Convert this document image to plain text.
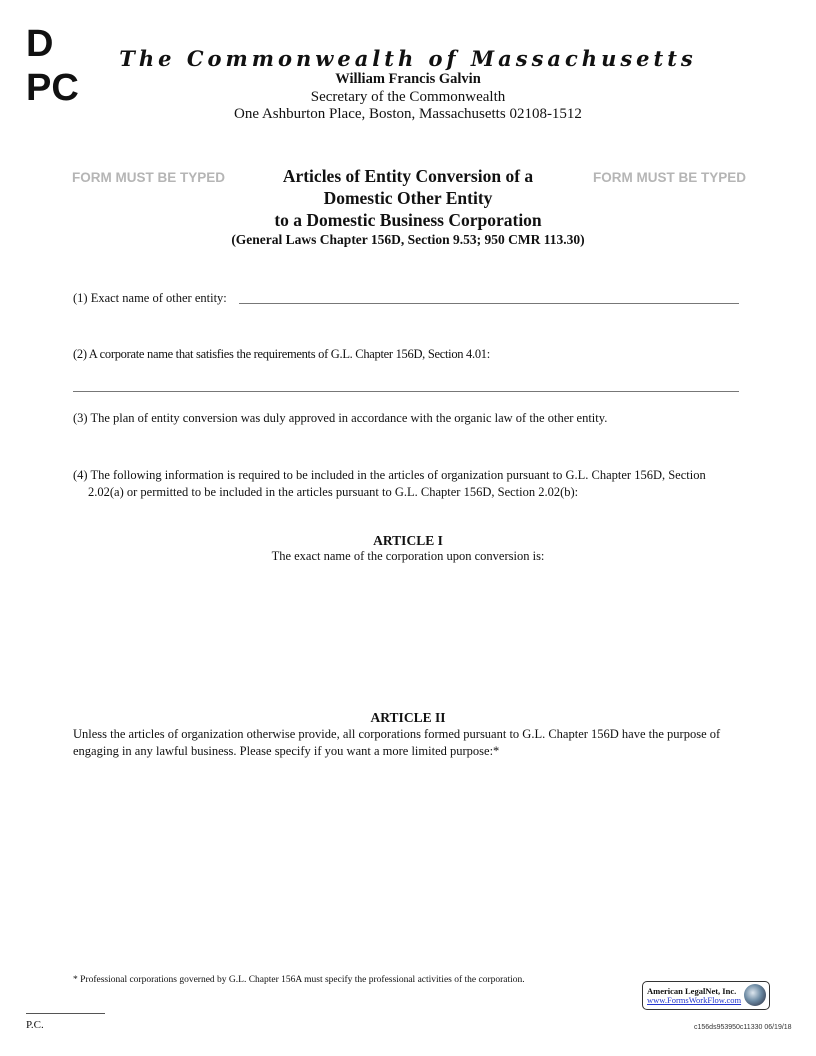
D
PC
The Commonwealth of Massachusetts
William Francis Galvin
Secretary of the Commonwealth
One Ashburton Place, Boston, Massachusetts 02108-1512
FORM MUST BE TYPED	FORM MUST BE TYPED
Articles of Entity Conversion of a
Domestic Other Entity
to a Domestic Business Corporation
(General Laws Chapter 156D, Section 9.53; 950 CMR 113.30)
(1) Exact name of other entity:
(2) A corporate name that satisfies the requirements of G.L. Chapter 156D, Section 4.01:
(3) The plan of entity conversion was duly approved in accordance with the organic law of the other entity.
(4) The following information is required to be included in the articles of organization pursuant to G.L. Chapter 156D, Section
2.02(a) or permitted to be included in the articles pursuant to G.L. Chapter 156D, Section 2.02(b):
ARTICLE I
The exact name of the corporation upon conversion is:
ARTICLE II
Unless the articles of organization otherwise provide, all corporations formed pursuant to G.L. Chapter 156D have the purpose of
engaging in any lawful business. Please specify if you want a more limited purpose:*
* Professional corporations governed by G.L. Chapter 156A must specify the professional activities of the corporation.
P.C.	c156ds953950c11330 06/19/18
American LegalNet, Inc.
www.FormsWorkFlow.com
